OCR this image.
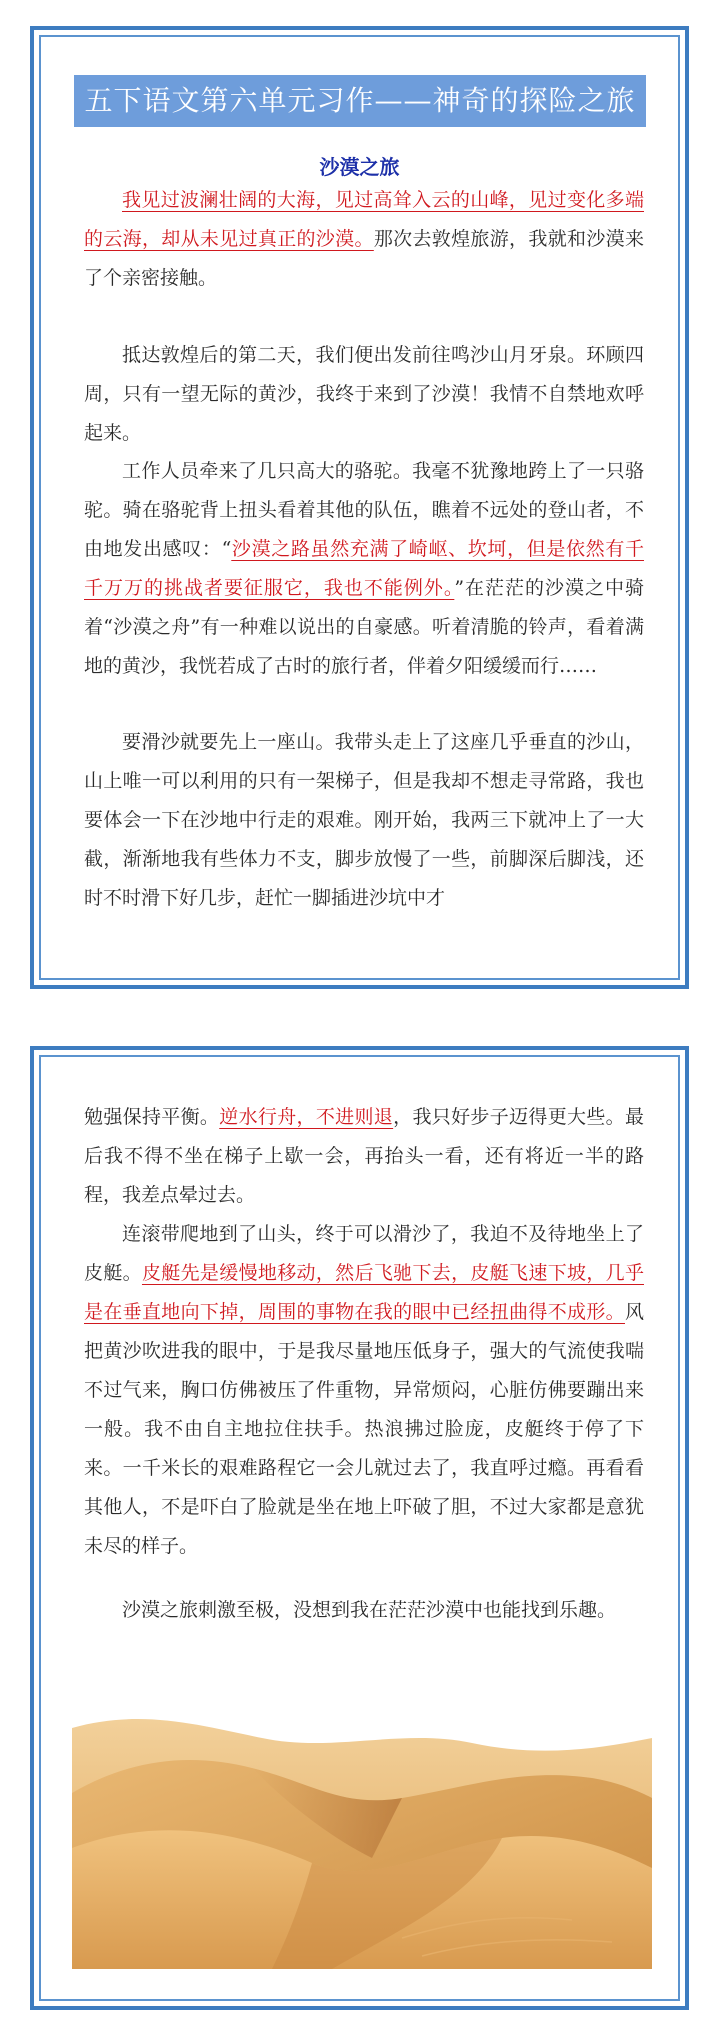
五下语文第六单元习作——神奇的探险之旅
沙漠之旅

我见过波澜壮阔的大海，见过高耸入云的山峰，见过变化多端的云海，却从未见过真正的沙漠。那次去敦煌旅游，我就和沙漠来了个亲密接触。

抵达敦煌后的第二天，我们便出发前往鸣沙山月牙泉。环顾四周，只有一望无际的黄沙，我终于来到了沙漠！我情不自禁地欢呼起来。

工作人员牵来了几只高大的骆驼。我毫不犹豫地跨上了一只骆驼。骑在骆驼背上扭头看着其他的队伍，瞧着不远处的登山者，不由地发出感叹：“沙漠之路虽然充满了崎岖、坎坷，但是依然有千千万万的挑战者要征服它，我也不能例外。”在茫茫的沙漠之中骑着“沙漠之舟”有一种难以说出的自豪感。听着清脆的铃声，看着满地的黄沙，我恍若成了古时的旅行者，伴着夕阳缓缓而行……

要滑沙就要先上一座山。我带头走上了这座几乎垂直的沙山，山上唯一可以利用的只有一架梯子，但是我却不想走寻常路，我也要体会一下在沙地中行走的艰难。刚开始，我两三下就冲上了一大截，渐渐地我有些体力不支，脚步放慢了一些，前脚深后脚浅，还时不时滑下好几步，赶忙一脚插进沙坑中才

勉强保持平衡。逆水行舟，不进则退，我只好步子迈得更大些。最后我不得不坐在梯子上歇一会，再抬头一看，还有将近一半的路程，我差点晕过去。

连滚带爬地到了山头，终于可以滑沙了，我迫不及待地坐上了皮艇。皮艇先是缓慢地移动，然后飞驰下去，皮艇飞速下坡，几乎是在垂直地向下掉，周围的事物在我的眼中已经扭曲得不成形。风把黄沙吹进我的眼中，于是我尽量地压低身子，强大的气流使我喘不过气来，胸口仿佛被压了件重物，异常烦闷，心脏仿佛要蹦出来一般。我不由自主地拉住扶手。热浪拂过脸庞，皮艇终于停了下来。一千米长的艰难路程它一会儿就过去了，我直呼过瘾。再看看其他人，不是吓白了脸就是坐在地上吓破了胆，不过大家都是意犹未尽的样子。

沙漠之旅刺激至极，没想到我在茫茫沙漠中也能找到乐趣。
